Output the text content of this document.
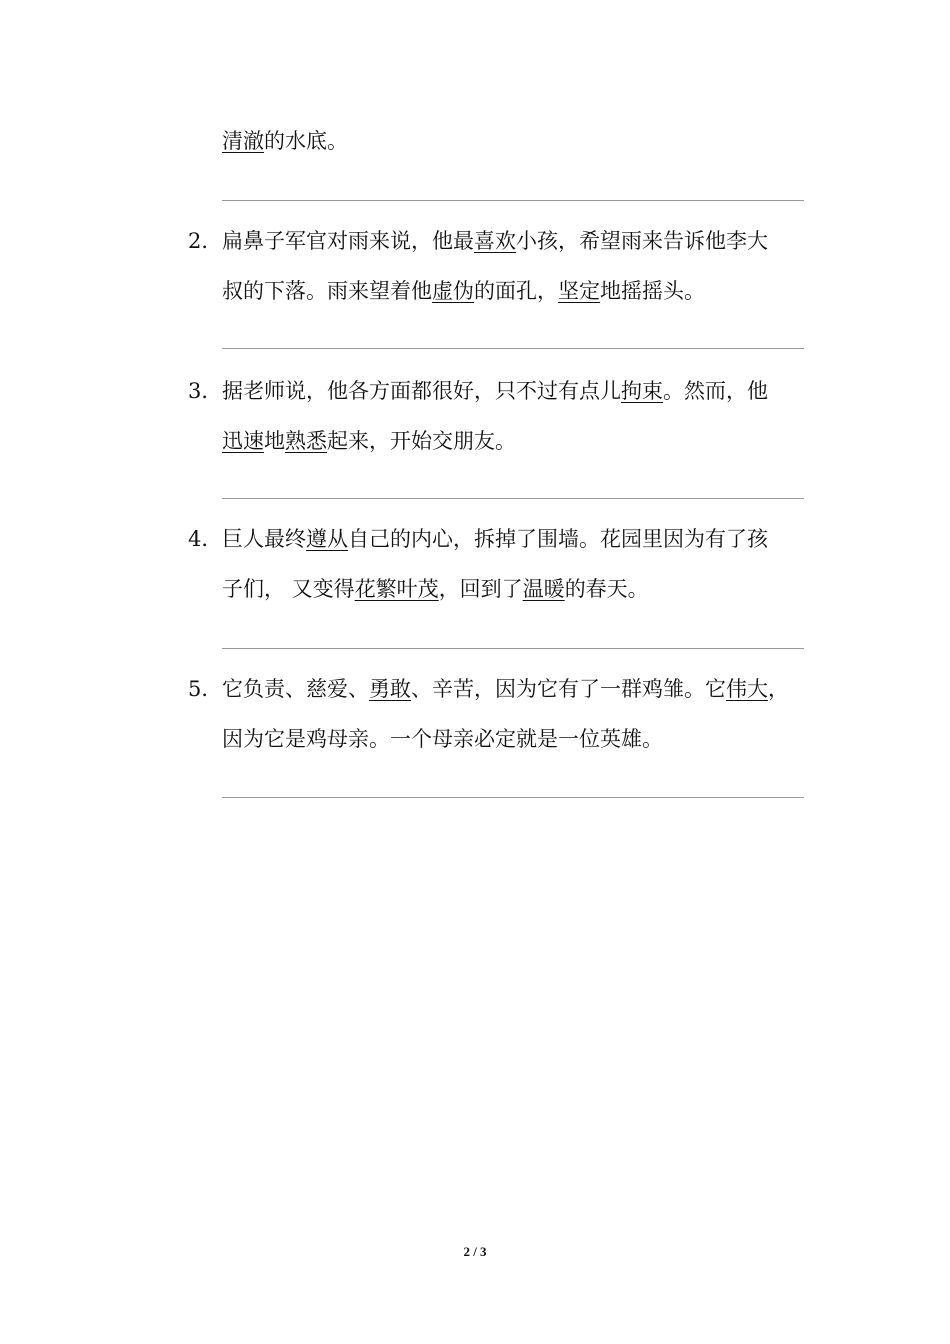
清澈的水底。
2． 扁鼻子军官对雨来说，他最喜欢小孩，希望雨来告诉他李大
叔的下落。雨来望着他虚伪的面孔，坚定地摇摇头。
3． 据老师说，他各方面都很好，只不过有点儿拘束。然而，他
迅速地熟悉起来，开始交朋友。
4． 巨人最终遵从自己的内心，拆掉了围墙。花园里因为有了孩
子们， 又变得花繁叶茂，回到了温暖的春天。
5． 它负责、慈爱、勇敢、辛苦，因为它有了一群鸡雏。它伟大，
因为它是鸡母亲。一个母亲必定就是一位英雄。
2 / 3
